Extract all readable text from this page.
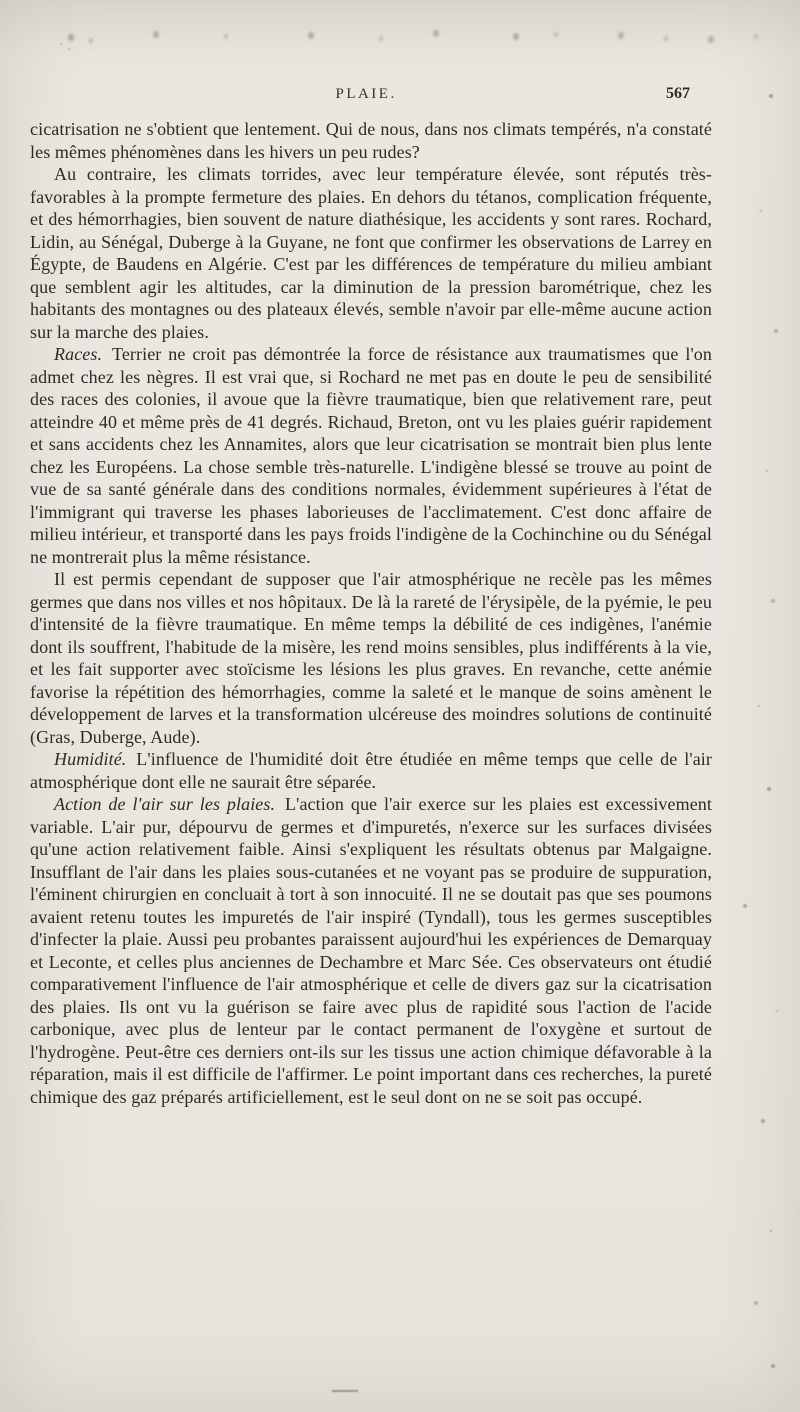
PLAIE.	567

cicatrisation ne s'obtient que lentement. Qui de nous, dans nos climats tempérés, n'a constaté les mêmes phénomènes dans les hivers un peu rudes?

Au contraire, les climats torrides, avec leur température élevée, sont réputés très-favorables à la prompte fermeture des plaies. En dehors du tétanos, complication fréquente, et des hémorrhagies, bien souvent de nature diathésique, les accidents y sont rares. Rochard, Lidin, au Sénégal, Duberge à la Guyane, ne font que confirmer les observations de Larrey en Égypte, de Baudens en Algérie. C'est par les différences de température du milieu ambiant que semblent agir les altitudes, car la diminution de la pression barométrique, chez les habitants des montagnes ou des plateaux élevés, semble n'avoir par elle-même aucune action sur la marche des plaies.

Races. Terrier ne croit pas démontrée la force de résistance aux traumatismes que l'on admet chez les nègres. Il est vrai que, si Rochard ne met pas en doute le peu de sensibilité des races des colonies, il avoue que la fièvre traumatique, bien que relativement rare, peut atteindre 40 et même près de 41 degrés. Richaud, Breton, ont vu les plaies guérir rapidement et sans accidents chez les Annamites, alors que leur cicatrisation se montrait bien plus lente chez les Européens. La chose semble très-naturelle. L'indigène blessé se trouve au point de vue de sa santé générale dans des conditions normales, évidemment supérieures à l'état de l'immigrant qui traverse les phases laborieuses de l'acclimatement. C'est donc affaire de milieu intérieur, et transporté dans les pays froids l'indigène de la Cochinchine ou du Sénégal ne montrerait plus la même résistance.

Il est permis cependant de supposer que l'air atmosphérique ne recèle pas les mêmes germes que dans nos villes et nos hôpitaux. De là la rareté de l'érysipèle, de la pyémie, le peu d'intensité de la fièvre traumatique. En même temps la débilité de ces indigènes, l'anémie dont ils souffrent, l'habitude de la misère, les rend moins sensibles, plus indifférents à la vie, et les fait supporter avec stoïcisme les lésions les plus graves. En revanche, cette anémie favorise la répétition des hémorrhagies, comme la saleté et le manque de soins amènent le développement de larves et la transformation ulcéreuse des moindres solutions de continuité (Gras, Duberge, Aude).

Humidité. L'influence de l'humidité doit être étudiée en même temps que celle de l'air atmosphérique dont elle ne saurait être séparée.

Action de l'air sur les plaies. L'action que l'air exerce sur les plaies est excessivement variable. L'air pur, dépourvu de germes et d'impuretés, n'exerce sur les surfaces divisées qu'une action relativement faible. Ainsi s'expliquent les résultats obtenus par Malgaigne. Insufflant de l'air dans les plaies sous-cutanées et ne voyant pas se produire de suppuration, l'éminent chirurgien en concluait à tort à son innocuité. Il ne se doutait pas que ses poumons avaient retenu toutes les impuretés de l'air inspiré (Tyndall), tous les germes susceptibles d'infecter la plaie. Aussi peu probantes paraissent aujourd'hui les expériences de Demarquay et Leconte, et celles plus anciennes de Dechambre et Marc Sée. Ces observateurs ont étudié comparativement l'influence de l'air atmosphérique et celle de divers gaz sur la cicatrisation des plaies. Ils ont vu la guérison se faire avec plus de rapidité sous l'action de l'acide carbonique, avec plus de lenteur par le contact permanent de l'oxygène et surtout de l'hydrogène. Peut-être ces derniers ont-ils sur les tissus une action chimique défavorable à la réparation, mais il est difficile de l'affirmer. Le point important dans ces recherches, la pureté chimique des gaz préparés artificiellement, est le seul dont on ne se soit pas occupé.
